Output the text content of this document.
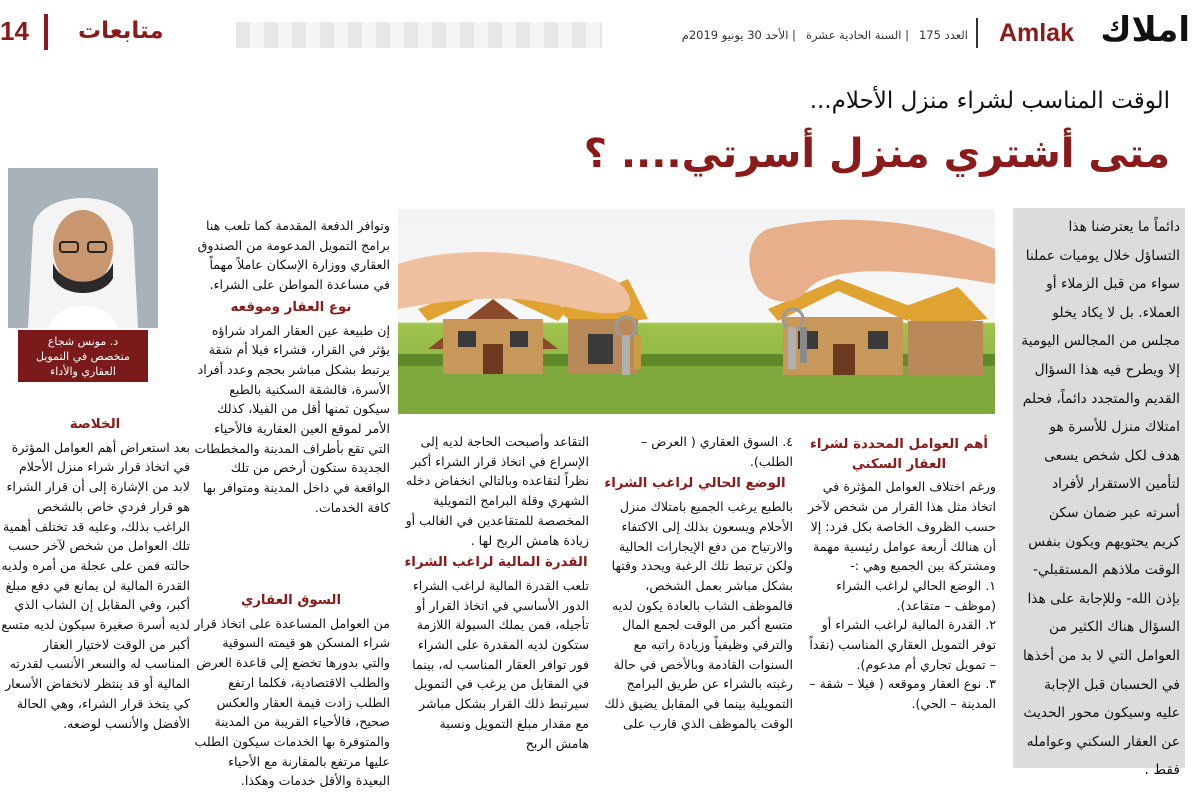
املاك
Amlak
العدد 175| السنة الحادية عشرة| الأحد 30 يونيو 2019م
متابعات
14
الوقت المناسب لشراء منزل الأحلام...
متى أشتري منزل أسرتي.... ؟
دائماً ما يعترضنا هذا التساؤل خلال يوميات عملنا سواء من قبل الزملاء أو العملاء. بل لا يكاد يخلو مجلس من المجالس اليومية إلا ويطرح فيه هذا السؤال القديم والمتجدد دائماً، فحلم امتلاك منزل للأسرة هو هدف لكل شخص يسعى لتأمين الاستقرار لأفراد أسرته عبر ضمان سكن كريم يحتويهم ويكون بنفس الوقت ملاذهم المستقبلي- بإذن الله- وللإجابة على هذا السؤال هناك الكثير من العوامل التي لا بد من أخذها في الحسبان قبل الإجابة عليه وسيكون محور الحديث عن العقار السكني وعوامله فقط .
د. مونس شجاع
متخصص في التمويل العقاري والأداء
أهم العوامل المحددة لشراء العقار السكني

ورغم اختلاف العوامل المؤثرة في اتخاذ مثل هذا القرار من شخص لآخر حسب الظروف الخاصة بكل فرد: إلا أن هنالك أربعة عوامل رئيسية مهمة ومشتركة بين الجميع وهي :-

١. الوضع الحالي لراغب الشراء (موظف – متقاعد).

٢. القدرة المالية لراغب الشراء أو توفر التمويل العقاري المناسب (نقداً – تمويل تجاري أم مدعوم).

٣. نوع العقار وموقعه ( فيلا – شقة – المدينة – الحي).

٤. السوق العقاري ( العرض – الطلب).

الوضع الحالي لراغب الشراء

بالطبع يرغب الجميع بامتلاك منزل الأحلام ويسعون بذلك إلى الاكتفاء والارتياح من دفع الإيجارات الحالية ولكن ترتبط تلك الرغبة ويحدد وقتها بشكل مباشر بعمل الشخص، فالموظف الشاب بالعادة يكون لديه متسع أكبر من الوقت لجمع المال والترقي وظيفياً وزيادة راتبه مع السنوات القادمة وبالأخص في حالة رغبته بالشراء عن طريق البرامج التمويلية بينما في المقابل يضيق ذلك الوقت بالموظف الذي قارب على

التقاعد وأصبحت الحاجة لديه إلى الإسراع في اتخاذ قرار الشراء أكبر نظراً لتقاعده وبالتالي انخفاض دخله الشهري وقلة البرامج التمويلية المخصصة للمتقاعدين في الغالب أو زيادة هامش الربح لها .

القدرة المالية لراغب الشراء

تلعب القدرة المالية لراغب الشراء الدور الأساسي في اتخاذ القرار أو تأجيله، فمن يملك السيولة اللازمة ستكون لديه المقدرة على الشراء فور توافر العقار المناسب له، بينما في المقابل من يرغب في التمويل سيرتبط ذلك القرار بشكل مباشر مع مقدار مبلغ التمويل ونسبة هامش الربح

وتوافر الدفعة المقدمة كما تلعب هنا برامج التمويل المدعومة من الصندوق العقاري ووزارة الإسكان عاملاً مهماً في مساعدة المواطن على الشراء.

نوع العقار وموقعه

إن طبيعة عين العقار المراد شراؤه يؤثر في القرار، فشراء فيلا أم شقة يرتبط بشكل مباشر بحجم وعدد أفراد الأسرة، فالشقة السكنية بالطبع سيكون ثمنها أقل من الفيلا، كذلك الأمر لموقع العين العقارية فالأحياء التي تقع بأطراف المدينة والمخططات الجديدة ستكون أرخص من تلك الواقعة في داخل المدينة ومتوافر بها كافة الخدمات.

السوق العقاري

من العوامل المساعدة على اتخاذ قرار شراء المسكن هو قيمته السوقية والتي بدورها تخضع إلى قاعدة العرض والطلب الاقتصادية، فكلما ارتفع الطلب زادت قيمة العقار والعكس صحيح، فالأحياء القريبة من المدينة والمتوفرة بها الخدمات سيكون الطلب عليها مرتفع بالمقارنة مع الأحياء البعيدة والأقل خدمات وهكذا.

الخلاصة

بعد استعراض أهم العوامل المؤثرة في اتخاذ قرار شراء منزل الأحلام لابد من الإشارة إلى أن قرار الشراء هو قرار فردي خاص بالشخص الراغب بذلك، وعليه قد تختلف أهمية تلك العوامل من شخص لآخر حسب حالته فمن على عجلة من أمره ولديه القدرة المالية لن يمانع في دفع مبلغ أكبر، وفي المقابل إن الشاب الذي لديه أسرة صغيرة سيكون لديه متسع أكبر من الوقت لاختيار العقار المناسب له والسعر الأنسب لقدرته المالية أو قد ينتظر لانخفاض الأسعار كي يتخذ قرار الشراء، وهي الحالة الأفضل والأنسب لوضعه.
